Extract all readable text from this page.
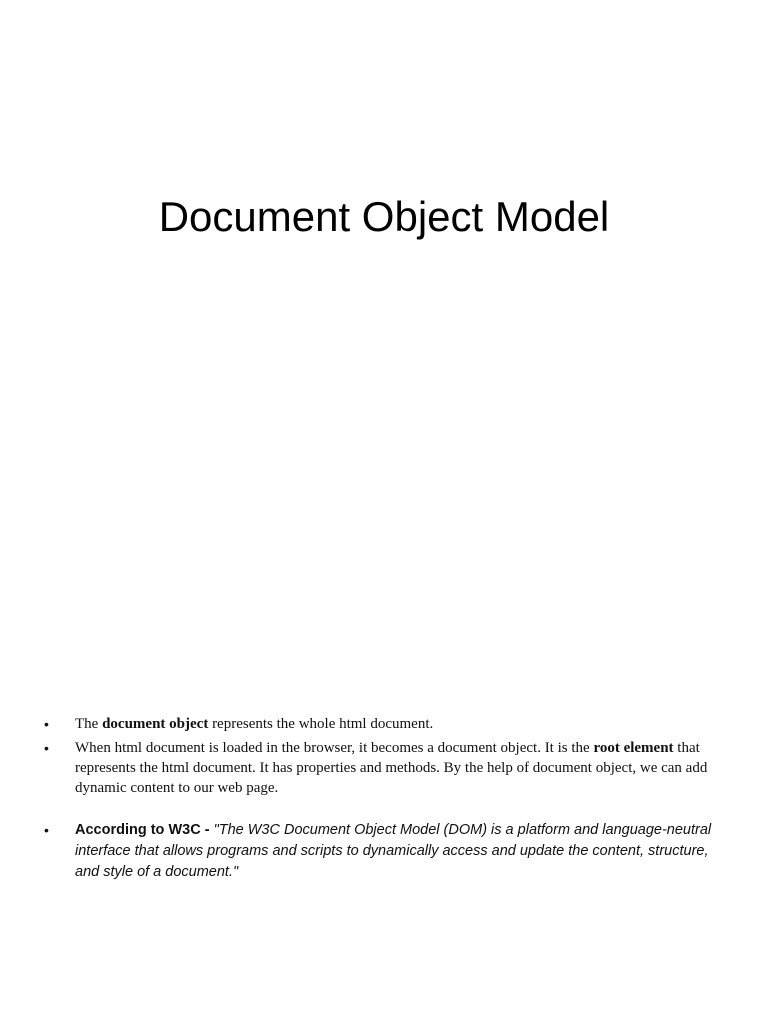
Document Object Model
• The document object represents the whole html document.
• When html document is loaded in the browser, it becomes a document object. It is the root element that represents the html document. It has properties and methods. By the help of document object, we can add dynamic content to our web page.
• According to W3C - "The W3C Document Object Model (DOM) is a platform and language-neutral interface that allows programs and scripts to dynamically access and update the content, structure, and style of a document."
